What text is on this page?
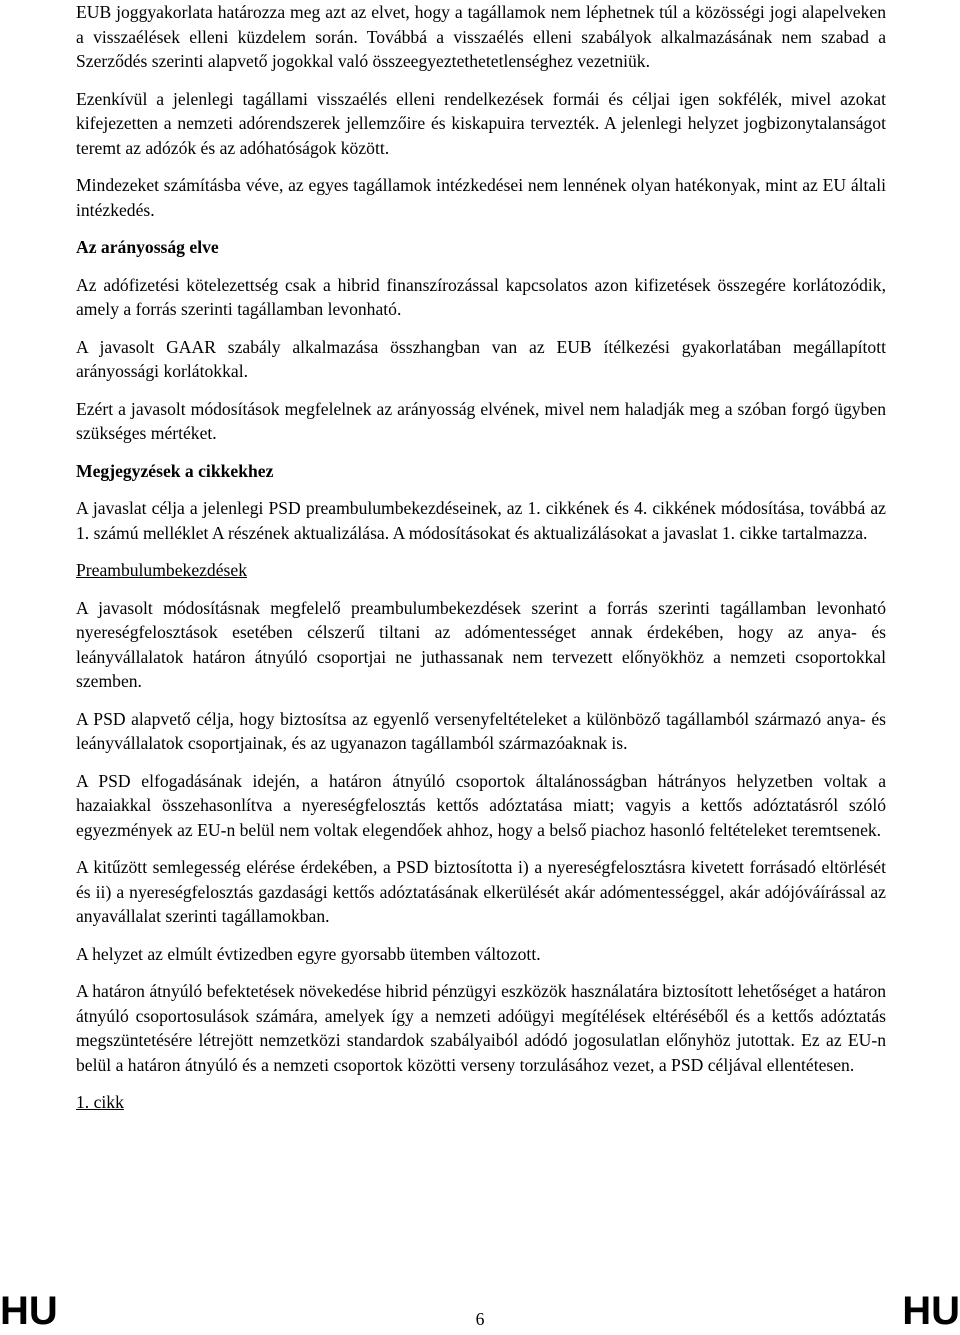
EUB joggyakorlata határozza meg azt az elvet, hogy a tagállamok nem léphetnek túl a közösségi jogi alapelveken a visszaélések elleni küzdelem során. Továbbá a visszaélés elleni szabályok alkalmazásának nem szabad a Szerződés szerinti alapvető jogokkal való összeegyeztethetetlenséghez vezetniük.

Ezenkívül a jelenlegi tagállami visszaélés elleni rendelkezések formái és céljai igen sokfélék, mivel azokat kifejezetten a nemzeti adórendszerek jellemzőire és kiskapuira tervezték. A jelenlegi helyzet jogbizonytalanságot teremt az adózók és az adóhatóságok között.

Mindezeket számításba véve, az egyes tagállamok intézkedései nem lennének olyan hatékonyak, mint az EU általi intézkedés.

Az arányosság elve

Az adófizetési kötelezettség csak a hibrid finanszírozással kapcsolatos azon kifizetések összegére korlátozódik, amely a forrás szerinti tagállamban levonható.

A javasolt GAAR szabály alkalmazása összhangban van az EUB ítélkezési gyakorlatában megállapított arányossági korlátokkal.

Ezért a javasolt módosítások megfelelnek az arányosság elvének, mivel nem haladják meg a szóban forgó ügyben szükséges mértéket.

Megjegyzések a cikkekhez

A javaslat célja a jelenlegi PSD preambulumbekezdéseinek, az 1. cikkének és 4. cikkének módosítása, továbbá az 1. számú melléklet A részének aktualizálása. A módosításokat és aktualizálásokat a javaslat 1. cikke tartalmazza.

Preambulumbekezdések

A javasolt módosításnak megfelelő preambulumbekezdések szerint a forrás szerinti tagállamban levonható nyereségfelosztások esetében célszerű tiltani az adómentességet annak érdekében, hogy az anya- és leányvállalatok határon átnyúló csoportjai ne juthassanak nem tervezett előnyökhöz a nemzeti csoportokkal szemben.

A PSD alapvető célja, hogy biztosítsa az egyenlő versenyfeltételeket a különböző tagállamból származó anya- és leányvállalatok csoportjainak, és az ugyanazon tagállamból származóaknak is.

A PSD elfogadásának idején, a határon átnyúló csoportok általánosságban hátrányos helyzetben voltak a hazaiakkal összehasonlítva a nyereségfelosztás kettős adóztatása miatt; vagyis a kettős adóztatásról szóló egyezmények az EU-n belül nem voltak elegendőek ahhoz, hogy a belső piachoz hasonló feltételeket teremtsenek.

A kitűzött semlegesség elérése érdekében, a PSD biztosította i) a nyereségfelosztásra kivetett forrásadó eltörlését és ii) a nyereségfelosztás gazdasági kettős adóztatásának elkerülését akár adómentességgel, akár adójóváírással az anyavállalat szerinti tagállamokban.

A helyzet az elmúlt évtizedben egyre gyorsabb ütemben változott.

A határon átnyúló befektetések növekedése hibrid pénzügyi eszközök használatára biztosított lehetőséget a határon átnyúló csoportosulások számára, amelyek így a nemzeti adóügyi megítélések eltéréséből és a kettős adóztatás megszüntetésére létrejött nemzetközi standardok szabályaiból adódó jogosulatlan előnyhöz jutottak. Ez az EU-n belül a határon átnyúló és a nemzeti csoportok közötti verseny torzulásához vezet, a PSD céljával ellentétesen.

1. cikk

HU	6	HU
